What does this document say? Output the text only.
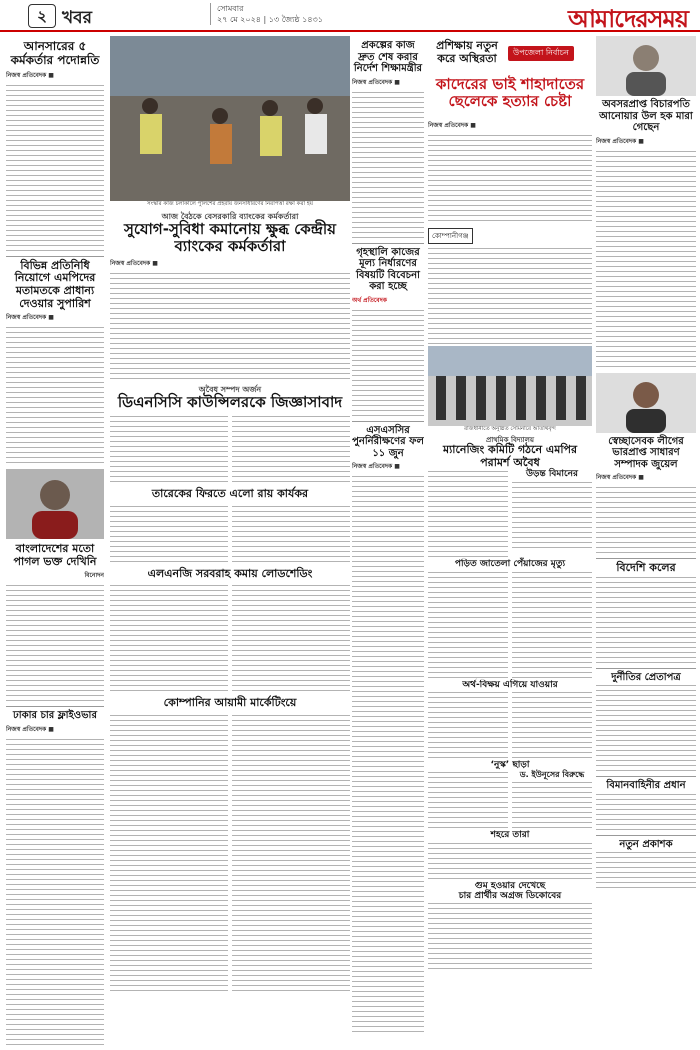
২ খবর	সোমবার
২৭ মে ২০২৪ | ১৩ জ্যৈষ্ঠ ১৪৩১	আমাদেরসময়
আনসারের ৫ কর্মকর্তার পদোন্নতি
নিজস্ব প্রতিবেদক ■
বিভিন্ন প্রতিনিধি নিয়োগে এমপিদের মতামতকে প্রাধান্য দেওয়ার সুপারিশ
নিজস্ব প্রতিবেদক ■
বাংলাদেশের মতো পাগল ভক্ত দেখিনি
বিনোদন
ঢাকার চার ফ্লাইওভার
নিজস্ব প্রতিবেদক ■
সংস্কার কাজ চলাকালে পুলিশের প্রহরায় জনসাধারণের নিরাপত্তা রক্ষা করা হয়
আজ বৈঠকে বেসরকারি ব্যাংকের কর্মকর্তারা
সুযোগ-সুবিধা কমানোয় ক্ষুব্ধ কেন্দ্রীয় ব্যাংকের কর্মকর্তারা
নিজস্ব প্রতিবেদক ■
অবৈধ সম্পদ অর্জন
ডিএনসিসি কাউন্সিলরকে জিজ্ঞাসাবাদ
তারেকের ফিরতে এলো রায় কার্যকর
এলএনজি সরবরাহ কমায় লোডশেডিং
কোম্পানির আয়ামী মার্কেটিংয়ে
প্রকল্পের কাজ দ্রুত শেষ করার নির্দেশ শিক্ষামন্ত্রীর
নিজস্ব প্রতিবেদক ■
গৃহস্থালি কাজের মূল্য নির্ধারণের বিষয়টি বিবেচনা করা হচ্ছে
অর্থ প্রতিবেদক
এসএসসির পুনর্নিরীক্ষণের ফল ১১ জুন
নিজস্ব প্রতিবেদক ■
প্রশিক্ষায় নতুন করে অস্থিরতা	উপজেলা নির্বাচন
কাদেরের ভাই শাহাদাতের ছেলেকে হত্যার চেষ্টা
নিজস্ব প্রতিবেদক ■
কোম্পানীগঞ্জ
রাজধানীতে অনুষ্ঠিত সেমিনারে অতিথিবৃন্দ
প্রাথমিক বিদ্যালয়
ম্যানেজিং কমিটি গঠনে এমপির পরামর্শ অবৈধ
উড়ন্ত বিমানের
পড়িত জাতেলা পেঁয়াজের মৃত্যু
অর্থ-বিক্ষয় এগিয়ে যাওয়ার
‘নুস্ক’ ছাড়া
ড. ইউনূসের বিরুদ্ধে
শহরে তারা
গুম হওয়ার দেখেছে
চার প্রার্থীর অগ্রজ ডিকোবের
অবসরপ্রাপ্ত বিচারপতি আনোয়ার উল হক মারা গেছেন
নিজস্ব প্রতিবেদক ■
স্বেচ্ছাসেবক লীগের ভারপ্রাপ্ত সাধারণ সম্পাদক জুয়েল
নিজস্ব প্রতিবেদক ■
বিদেশি কলের
দুর্নীতির প্রেতাপত্র
বিমানবাহিনীর প্রধান
নতুন প্রকাশক
